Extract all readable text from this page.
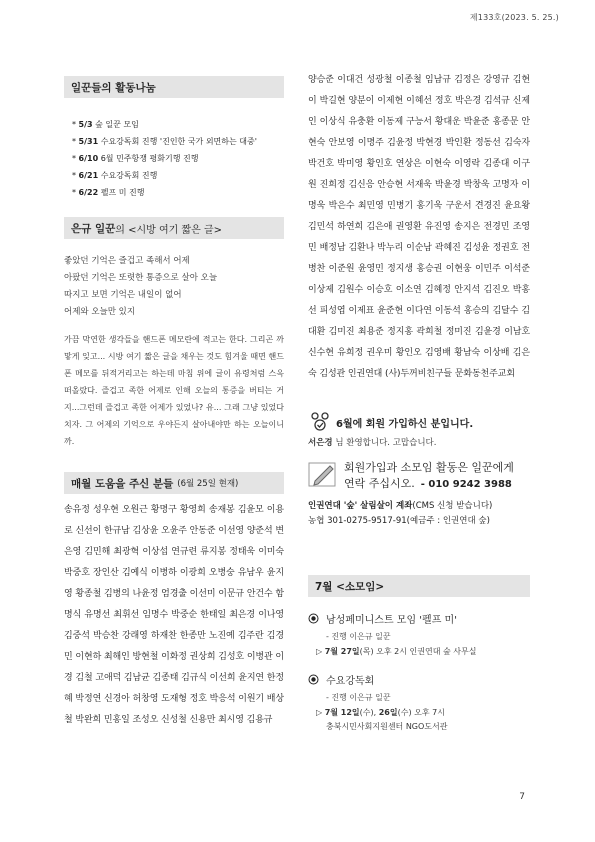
제133호(2023. 5. 25.)
일꾼들의 활동나눔
* 5/3 숲 일꾼 모임
* 5/31 수요강독회 진행 '진인한 국가 외면하는 대중'
* 6/10 6월 민주항쟁 평화기행 진행
* 6/21 수요강독회 진행
* 6/22 펠프 미 진행
은규 일꾼 의 <시방 여기 짧은 글>
좋았던 기억은 즐겁고 족해서 어제
아팠던 기억은 또렷한 통증으로 살아 오늘
따지고 보면 기억은 내일이 없어
어제와 오늘만 있지

가끔 막연한 생각들을 핸드폰 메모란에 적고는 한다. 그리곤 까맣게 잊고... 시방 여기 짧은 글을 채우는 것도 힘겨울 때면 핸드폰 메모를 뒤적거리고는 하는데 마침 위에 글이 유령처럼 스윽 떠올랐다. 즐겁고 족한 어제로 인해 오늘의 통증을 버티는 거지...그런데 즐겁고 족한 어제가 있었나? 유... 그래 그냥 있었다 치자. 그 어제의 기억으로 우야든지 살아내야만 하는 오늘이니까.

매월 도움을 주신 분들 (6월 25일 현재)

송유정 성우현 오원근 황명구 황영희 송재봉 김윤모 이용로 신선이 한규남 김상윤 오윤주 안동준 이선영 양준석 변은영 김민해 최광혁 이상섭 연규련 류지봉 정태욱 이미숙 박중호 장인산 김예식 이병하 이광희 오병숭 유남우 윤지영 황종철 김병의 나윤정 엄경출 이선미 이문규 안건수 함명식 유명선 최휘선 임명수 박중순 한태일 최은경 이나영 김중석 박승찬 강래영 하재찬 한종만 노진예 김주란 김경민 이현하 최해인 방현철 이화정 권상희 김성호 이병관 이경 김철 고애덕 김남균 김종태 김규식 이선희 윤지연 한정혜 박정연 신경아 허창영 도재형 정호 박응석 이원기 배상철 박완희 민홍일 조성오 신성철 신용만 최시영 김용규

양승준 이대건 성광철 이종철 임남규 김정은 강영규 김현이 박길현 양분이 이제현 이혜선 정호 박은경 김석규 신제인 이상식 유충환 이동제 구능서 황대운 박윤준 홍종문 안현숙 안보영 이명주 김윤정 박현경 박인환 정동선 김숙자 박건호 박미영 황인호 연상은 이현숙 이영락 김종대 이구원 진희정 김신응 안승현 서재욱 박윤경 박창욱 고명자 이명욱 박은수 최민영 민병기 홍기욱 구운서 견경진 윤요왕 김민석 하연희 김은애 권영환 유진영 송지은 전경민 조영민 배정남 김환나 박누리 이순남 곽혜진 김성윤 정권호 전병찬 이준원 윤영민 정지생 홍승권 이현웅 이민주 이석준 이상제 김원수 이승호 이소연 김혜정 안지석 김진오 박홍선 피성엽 이제표 윤준현 이다연 이동석 홍승의 김달수 김대환 김미진 최용준 정지홍 곽희철 정미진 김윤경 이남호 신수현 유희정 권우미 황인오 김영배 황남숙 이상배 김은숙 김성관 인권연대 (사)두꺼비친구들 문화동천주교회

6월에 회원 가입하신 분입니다.
서은경 님 환영합니다. 고맙습니다.
회원가입과 소모임 활동은 일꾼에게
연락 주십시오. - 010 9242 3988
인권연대 '숲' 살림살이 계좌(CMS 신청 받습니다)
농협 301-0275-9517-91(예금주 : 인권연대 숲)
7월 <소모임>
남성페미니스트 모임 '펠프 미'
- 진행 이은규 일꾼
▷ 7월 27일(목) 오후 2시 인권연대 숲 사무실
수요강독회
- 진행 이은규 일꾼
▷ 7월 12일(수), 26일(수) 오후 7시
충북시민사회지원센터 NGO도서관
7
